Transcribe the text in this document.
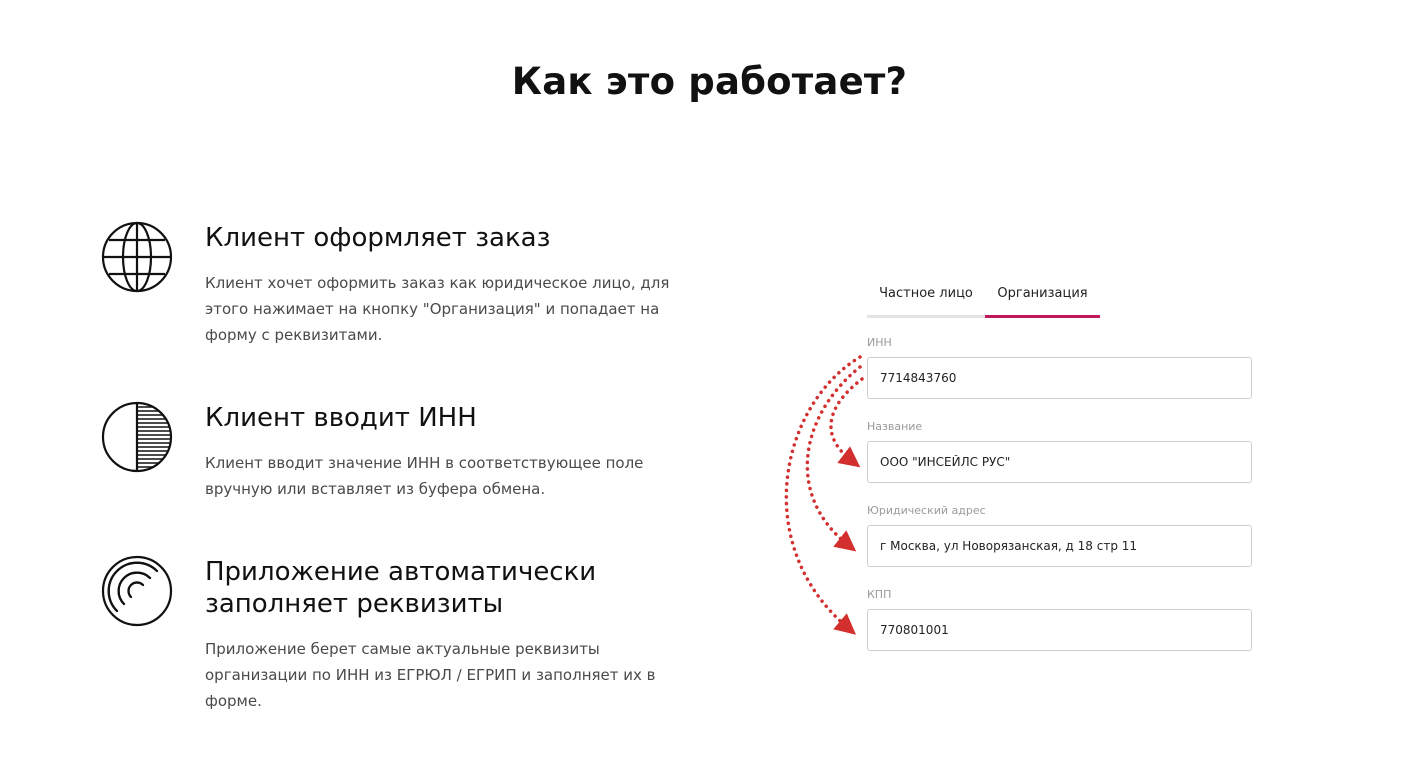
Как это работает?
Клиент оформляет заказ

Клиент хочет оформить заказ как юридическое лицо, для
этого нажимает на кнопку "Организация" и попадает на
форму с реквизитами.

Клиент вводит ИНН

Клиент вводит значение ИНН в соответствующее поле
вручную или вставляет из буфера обмена.

Приложение автоматически
заполняет реквизиты

Приложение берет самые актуальные реквизиты
организации по ИНН из ЕГРЮЛ / ЕГРИП и заполняет их в
форме.

Частное лицо	Организация
ИНН
7714843760
Название
ООО "ИНСЕЙЛС РУС"
Юридический адрес
г Москва, ул Новорязанская, д 18 стр 11
КПП
770801001
